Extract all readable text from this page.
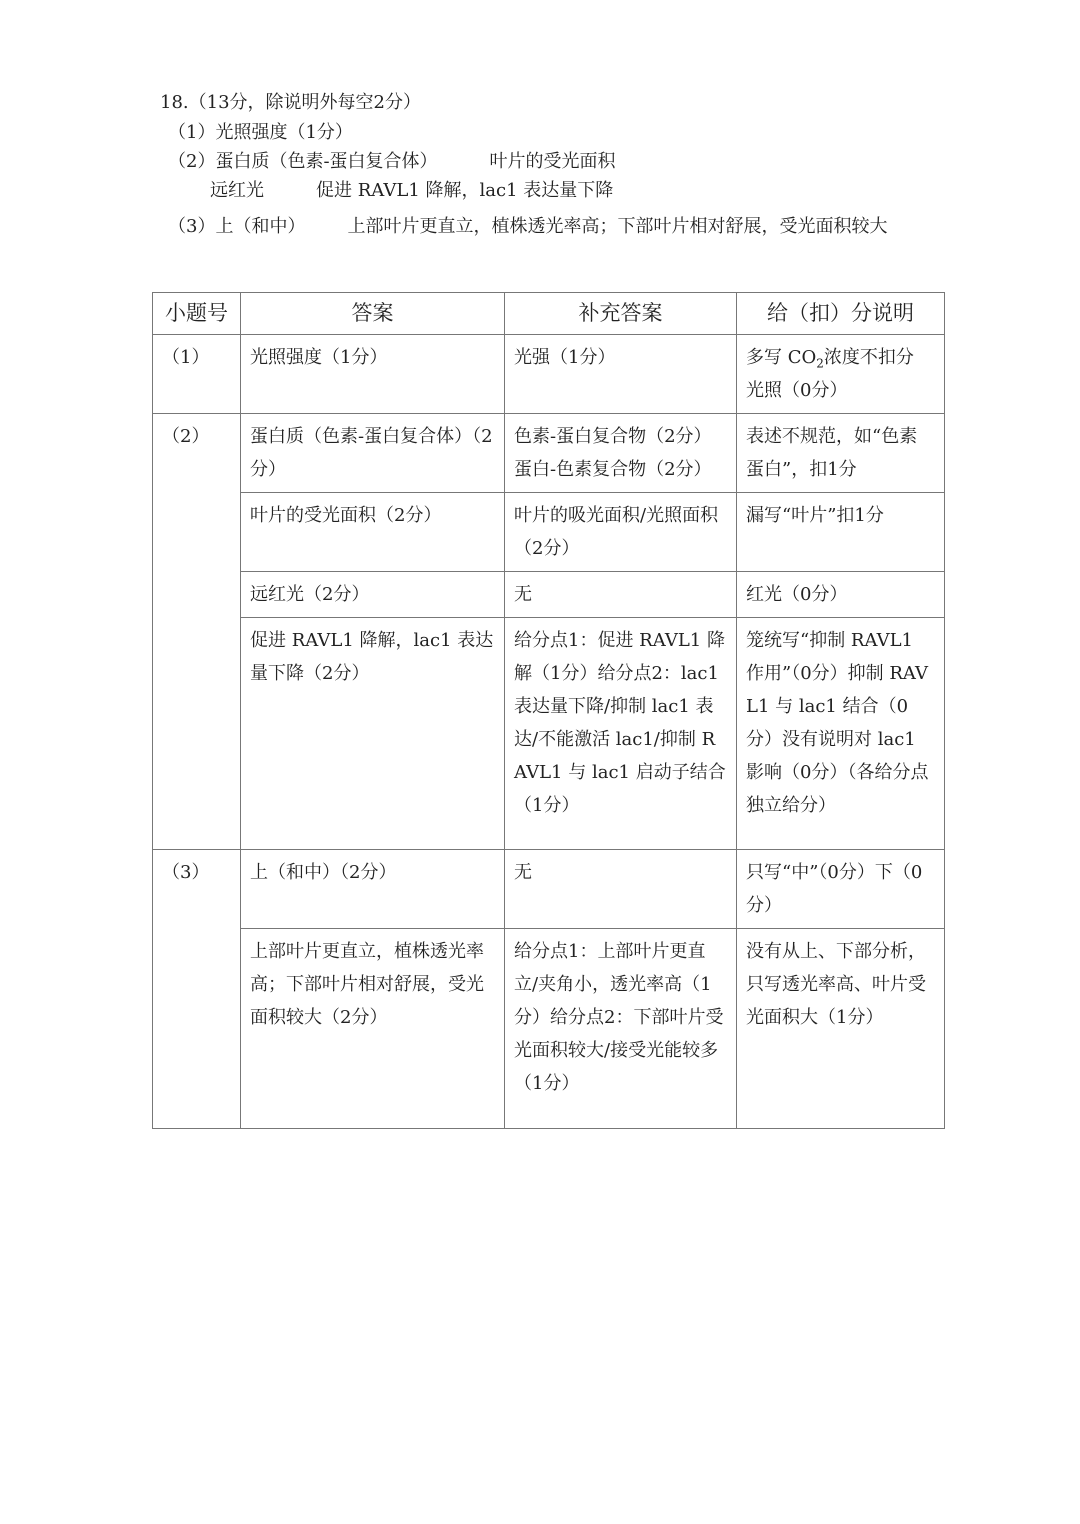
18.（13分，除说明外每空2分）
（1）光照强度（1分）
（2）蛋白质（色素-蛋白复合体）	叶片的受光面积
远红光	促进 RAVL1 降解，lac1 表达量下降
（3）上（和中） 上部叶片更直立，植株透光率高；下部叶片相对舒展，受光面积较大
小题号	答案	补充答案	给（扣）分说明
（1）	光照强度（1分）	光强（1分）	多写 $CO_2$浓度不扣分
光照（0分）
（2）	蛋白质（色素-蛋白复合体）（2分）	色素-蛋白复合物（2分）蛋白-色素复合物（2分）	表述不规范，如“色素蛋白”，扣1分
	叶片的受光面积（2分）	叶片的吸光面积/光照面积（2分）	漏写“叶片”扣1分
	远红光（2分）	无	红光（0分）
	促进 RAVL1 降解，lac1 表达量下降（2分）	给分点1：促进 RAVL1 降解（1分）给分点2：lac1 表达量下降/抑制 lac1 表达/不能激活 lac1/抑制 RAVL1 与 lac1 启动子结合（1分）	笼统写“抑制 RAVL1 作用”（0分）抑制 RAVL1 与 lac1 结合（0分）没有说明对 lac1 影响（0分）（各给分点独立给分）
（3）	上（和中）（2分）	无	只写“中”（0分）下（0分）
	上部叶片更直立，植株透光率高；下部叶片相对舒展，受光面积较大（2分）	给分点1：上部叶片更直立/夹角小，透光率高（1分）给分点2：下部叶片受光面积较大/接受光能较多（1分）	没有从上、下部分析，只写透光率高、叶片受光面积大（1分）
